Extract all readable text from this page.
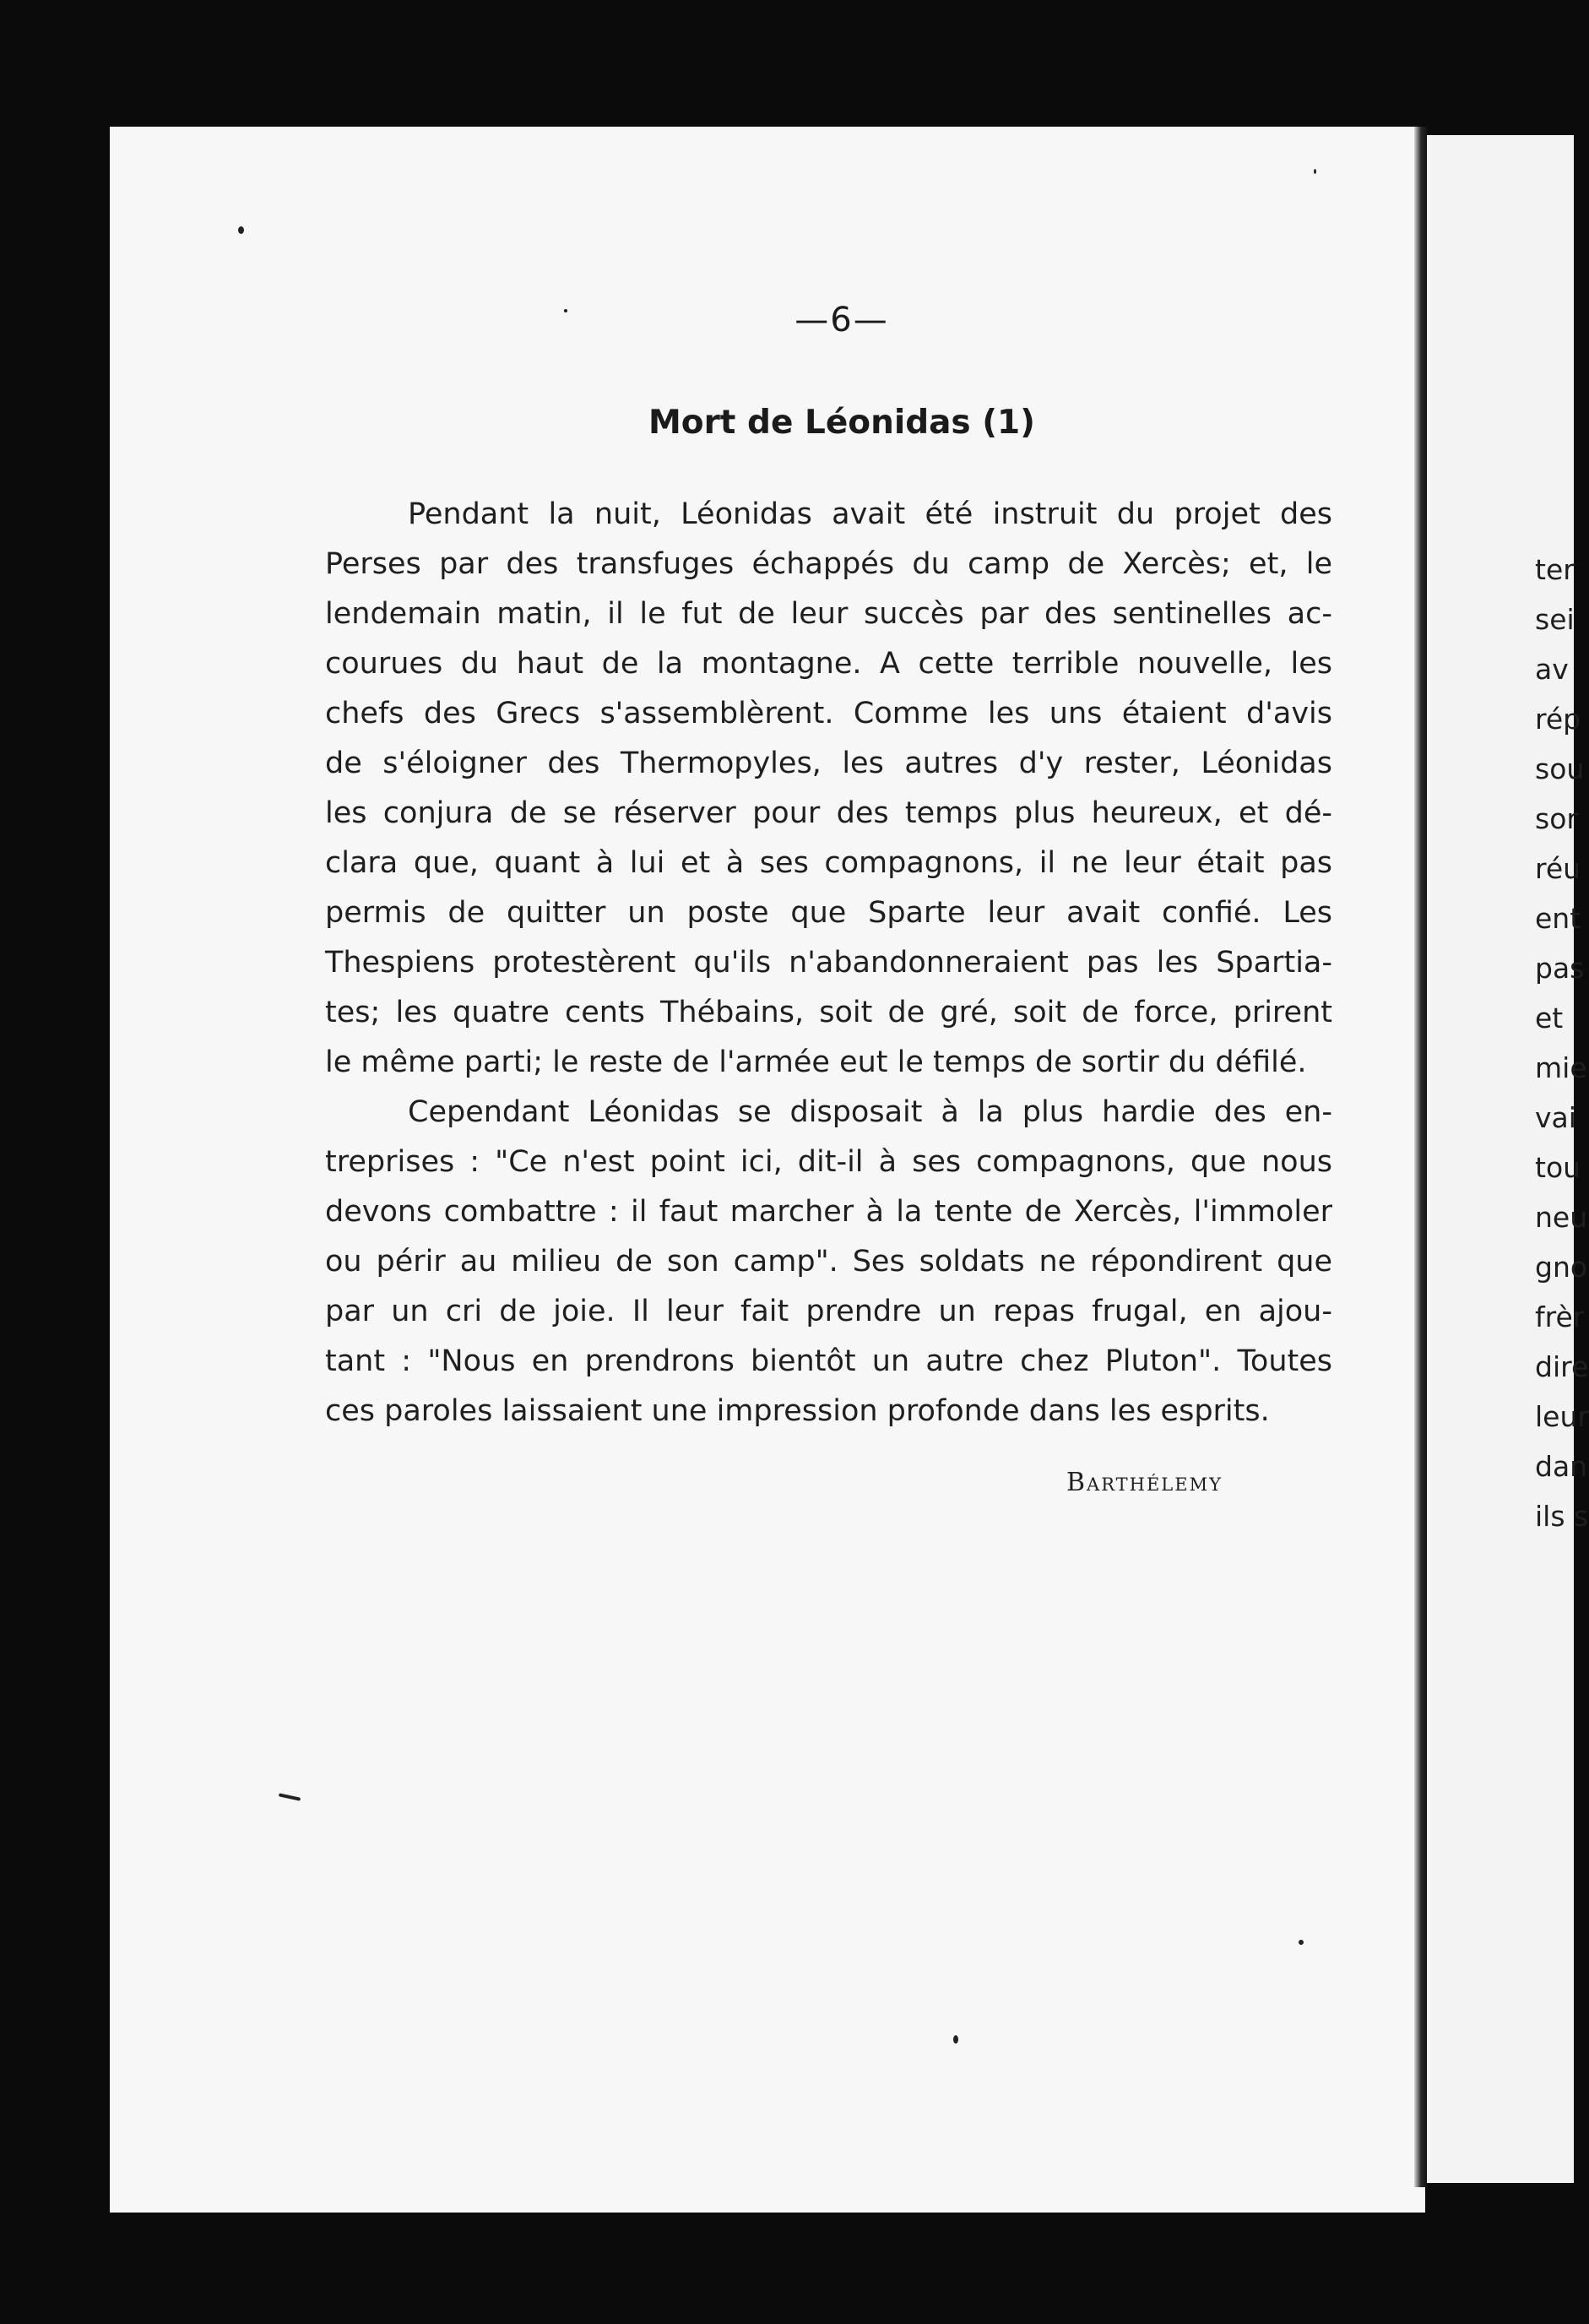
—6—
Mort de Léonidas (1)
Pendant la nuit, Léonidas avait été instruit du projet des
Perses par des transfuges échappés du camp de Xercès; et, le
lendemain matin, il le fut de leur succès par des sentinelles ac-
courues du haut de la montagne. A cette terrible nouvelle, les
chefs des Grecs s'assemblèrent. Comme les uns étaient d'avis
de s'éloigner des Thermopyles, les autres d'y rester, Léonidas
les conjura de se réserver pour des temps plus heureux, et dé-
clara que, quant à lui et à ses compagnons, il ne leur était pas
permis de quitter un poste que Sparte leur avait confié. Les
Thespiens protestèrent qu'ils n'abandonneraient pas les Spartia-
tes; les quatre cents Thébains, soit de gré, soit de force, prirent
le même parti; le reste de l'armée eut le temps de sortir du défilé.
Cependant Léonidas se disposait à la plus hardie des en-
treprises : "Ce n'est point ici, dit-il à ses compagnons, que nous
devons combattre : il faut marcher à la tente de Xercès, l'immoler
ou périr au milieu de son camp". Ses soldats ne répondirent que
par un cri de joie. Il leur fait prendre un repas frugal, en ajou-
tant : "Nous en prendrons bientôt un autre chez Pluton". Toutes
ces paroles laissaient une impression profonde dans les esprits.
Barthélemy
ter
sei
av
rép
sou
sor
réu
ent
pas
et
mie
vai
tou
neu
gno
frèr
dire
leur
dan
ils s
